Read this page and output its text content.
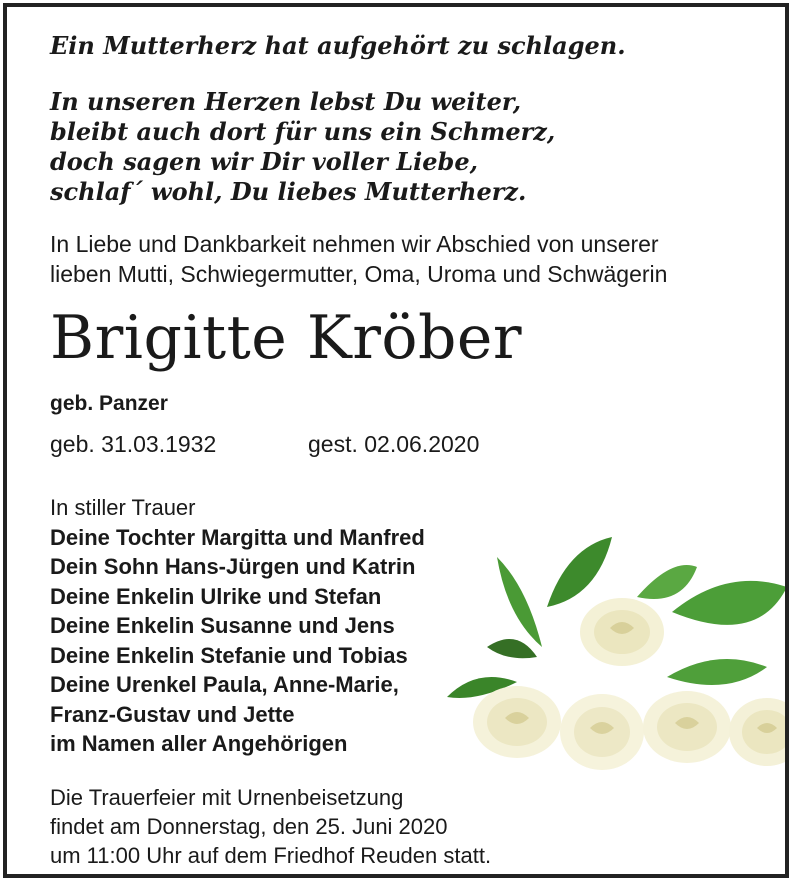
Ein Mutterherz hat aufgehört zu schlagen.
In unseren Herzen lebst Du weiter,
bleibt auch dort für uns ein Schmerz,
doch sagen wir Dir voller Liebe,
schlaf´ wohl, Du liebes Mutterherz.
In Liebe und Dankbarkeit nehmen wir Abschied von unserer
lieben Mutti, Schwiegermutter, Oma, Uroma und Schwägerin
Brigitte Kröber
geb. Panzer
geb. 31.03.1932	gest. 02.06.2020
In stiller Trauer
Deine Tochter Margitta und Manfred
Dein Sohn Hans-Jürgen und Katrin
Deine Enkelin Ulrike und Stefan
Deine Enkelin Susanne und Jens
Deine Enkelin Stefanie und Tobias
Deine Urenkel Paula, Anne-Marie,
Franz-Gustav und Jette
im Namen aller Angehörigen
Die Trauerfeier mit Urnenbeisetzung
findet am Donnerstag, den 25. Juni 2020
um 11:00 Uhr auf dem Friedhof Reuden statt.
